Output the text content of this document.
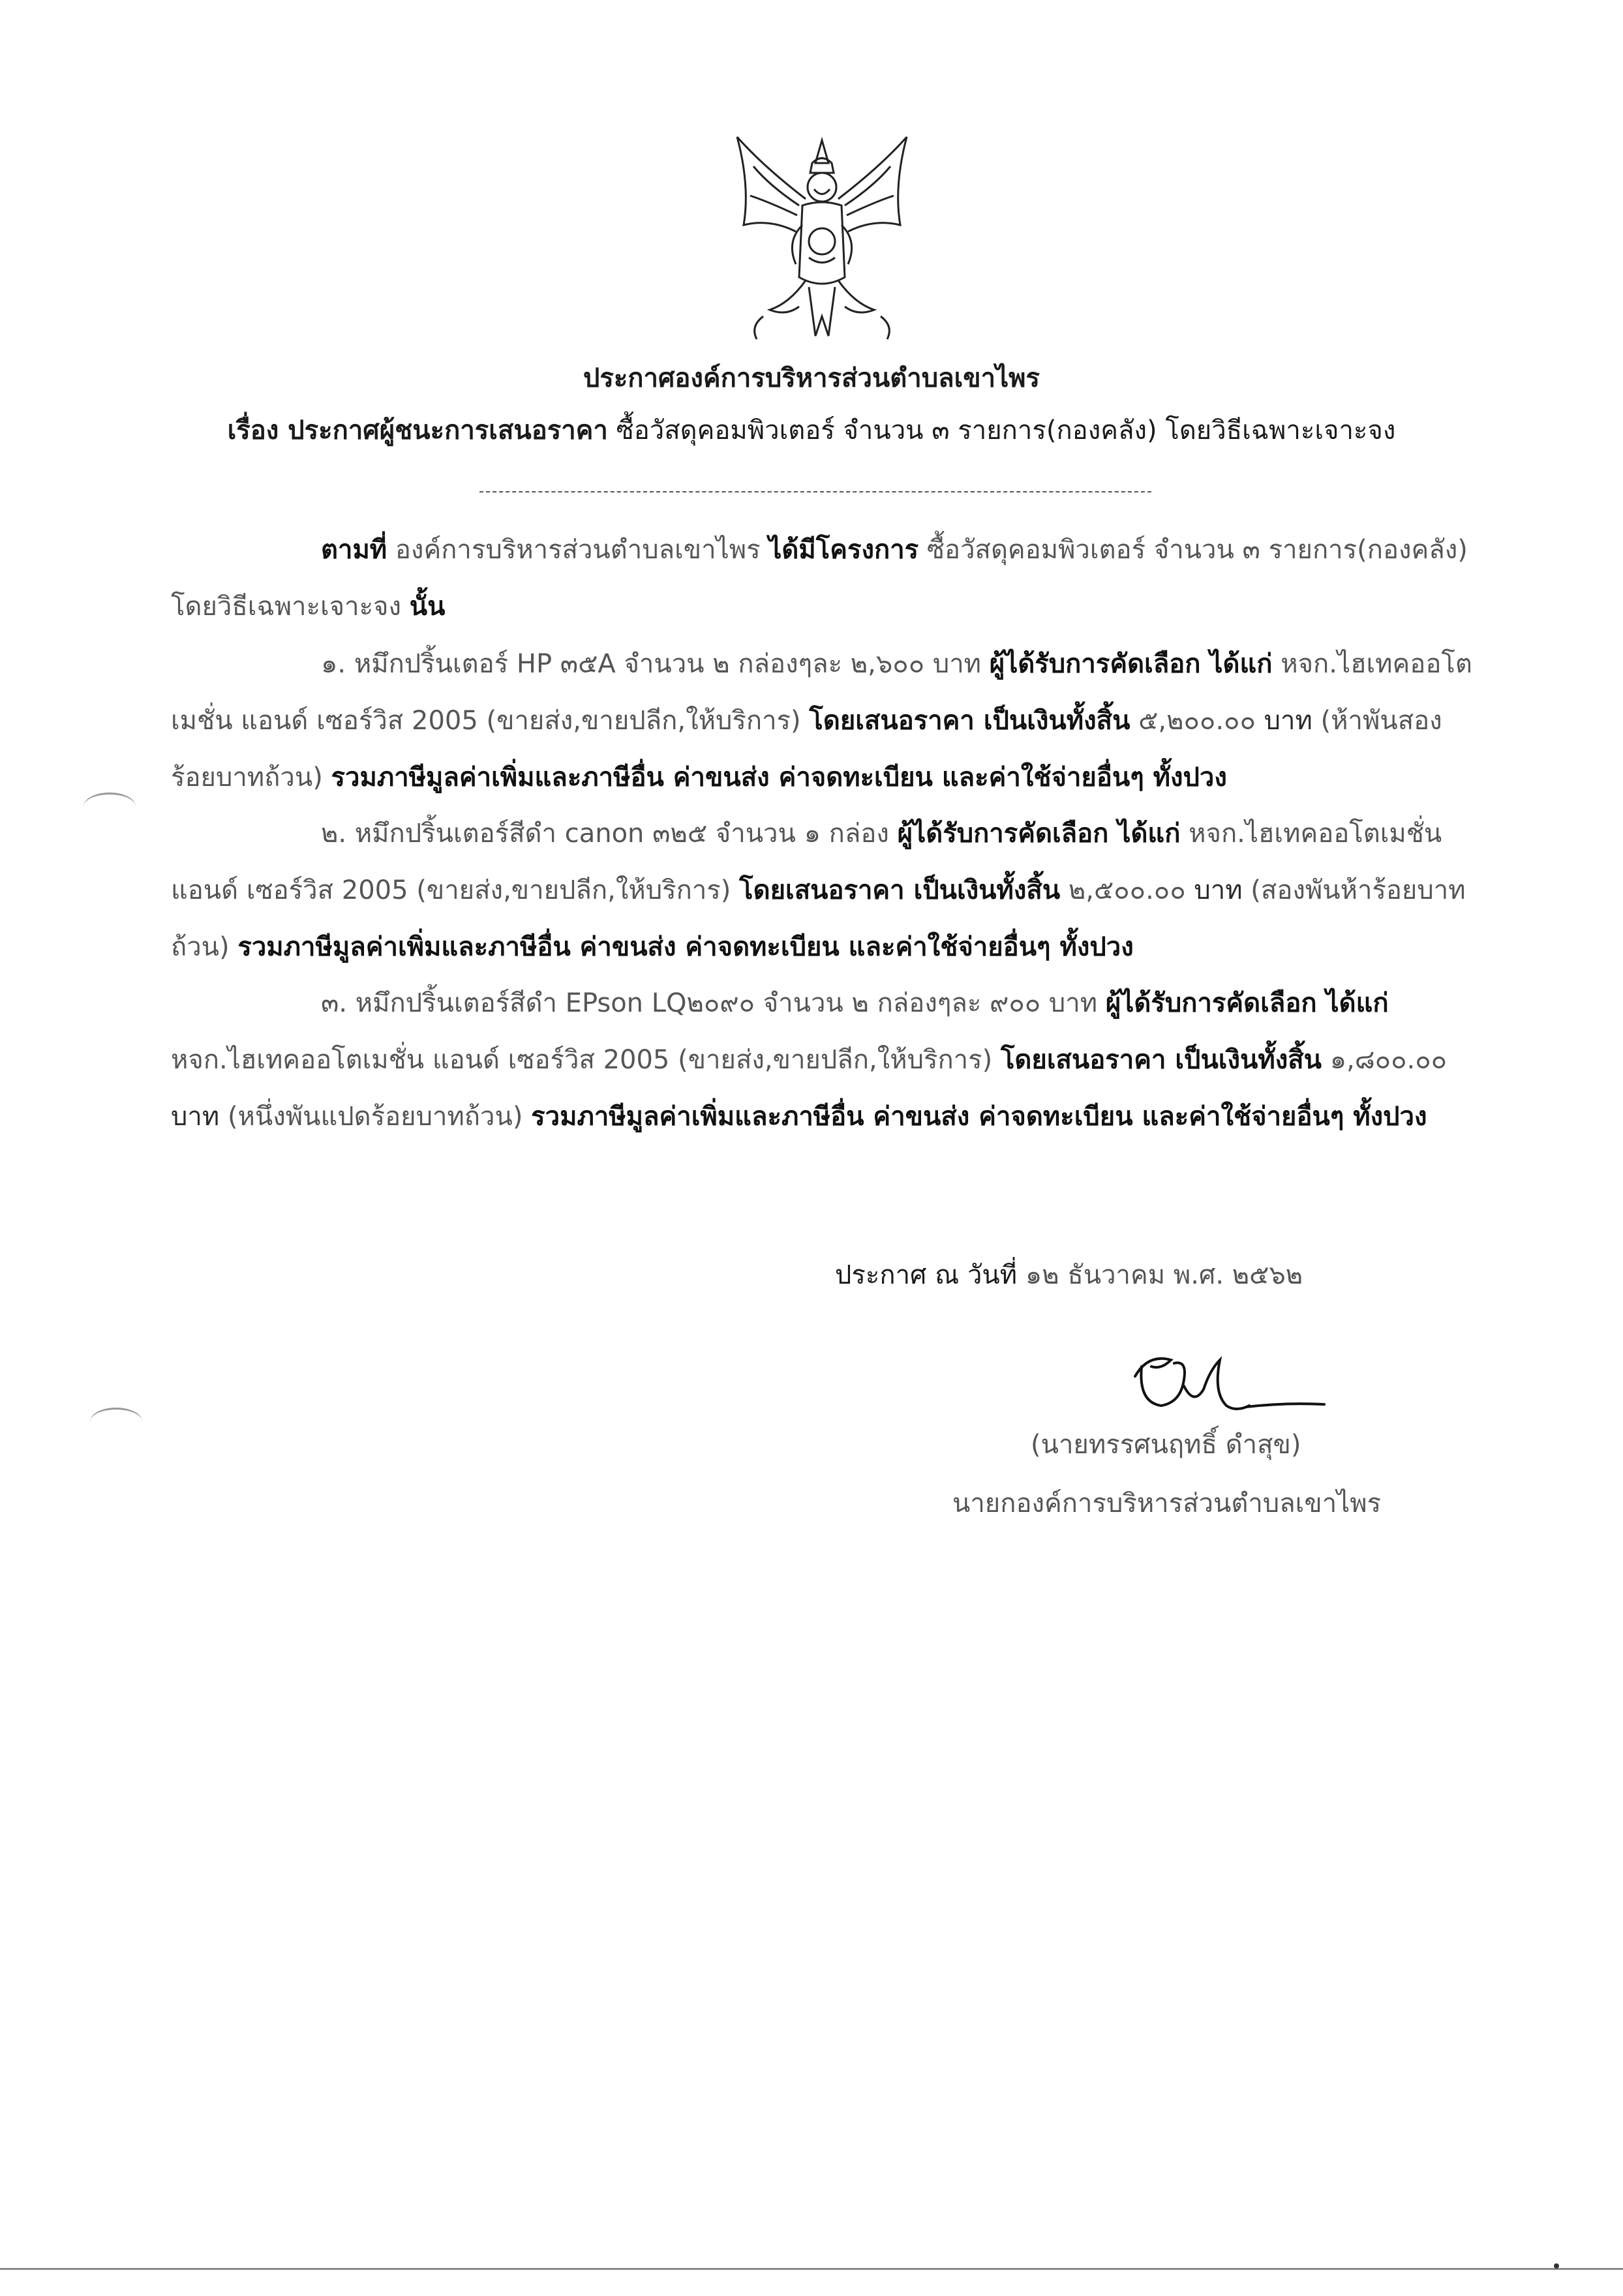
ประกาศองค์การบริหารส่วนตำบลเขาไพร
เรื่อง ประกาศผู้ชนะการเสนอราคา ซื้อวัสดุคอมพิวเตอร์ จำนวน ๓ รายการ(กองคลัง) โดยวิธีเฉพาะเจาะจง
ตามที่ องค์การบริหารส่วนตำบลเขาไพร ได้มีโครงการ ซื้อวัสดุคอมพิวเตอร์ จำนวน ๓ รายการ(กองคลัง) โดยวิธีเฉพาะเจาะจง นั้น
๑. หมึกปริ้นเตอร์ HP ๓๕A จำนวน ๒ กล่องๆละ ๒,๖๐๐ บาท ผู้ได้รับการคัดเลือก ได้แก่ หจก.ไฮเทคออโตเมชั่น แอนด์ เซอร์วิส 2005 (ขายส่ง,ขายปลีก,ให้บริการ) โดยเสนอราคา เป็นเงินทั้งสิ้น ๕,๒๐๐.๐๐ บาท (ห้าพันสองร้อยบาทถ้วน) รวมภาษีมูลค่าเพิ่มและภาษีอื่น ค่าขนส่ง ค่าจดทะเบียน และค่าใช้จ่ายอื่นๆ ทั้งปวง
๒. หมึกปริ้นเตอร์สีดำ canon ๓๒๕ จำนวน ๑ กล่อง ผู้ได้รับการคัดเลือก ได้แก่ หจก.ไฮเทคออโตเมชั่น แอนด์ เซอร์วิส 2005 (ขายส่ง,ขายปลีก,ให้บริการ) โดยเสนอราคา เป็นเงินทั้งสิ้น ๒,๕๐๐.๐๐ บาท (สองพันห้าร้อยบาทถ้วน) รวมภาษีมูลค่าเพิ่มและภาษีอื่น ค่าขนส่ง ค่าจดทะเบียน และค่าใช้จ่ายอื่นๆ ทั้งปวง
๓. หมึกปริ้นเตอร์สีดำ EPson LQ๒๐๙๐ จำนวน ๒ กล่องๆละ ๙๐๐ บาท ผู้ได้รับการคัดเลือก ได้แก่ หจก.ไฮเทคออโตเมชั่น แอนด์ เซอร์วิส 2005 (ขายส่ง,ขายปลีก,ให้บริการ) โดยเสนอราคา เป็นเงินทั้งสิ้น ๑,๘๐๐.๐๐ บาท (หนึ่งพันแปดร้อยบาทถ้วน) รวมภาษีมูลค่าเพิ่มและภาษีอื่น ค่าขนส่ง ค่าจดทะเบียน และค่าใช้จ่ายอื่นๆ ทั้งปวง
ประกาศ ณ วันที่ ๑๒ ธันวาคม พ.ศ. ๒๕๖๒
(นายทรรศนฤทธิ์ ดำสุข)
นายกองค์การบริหารส่วนตำบลเขาไพร
